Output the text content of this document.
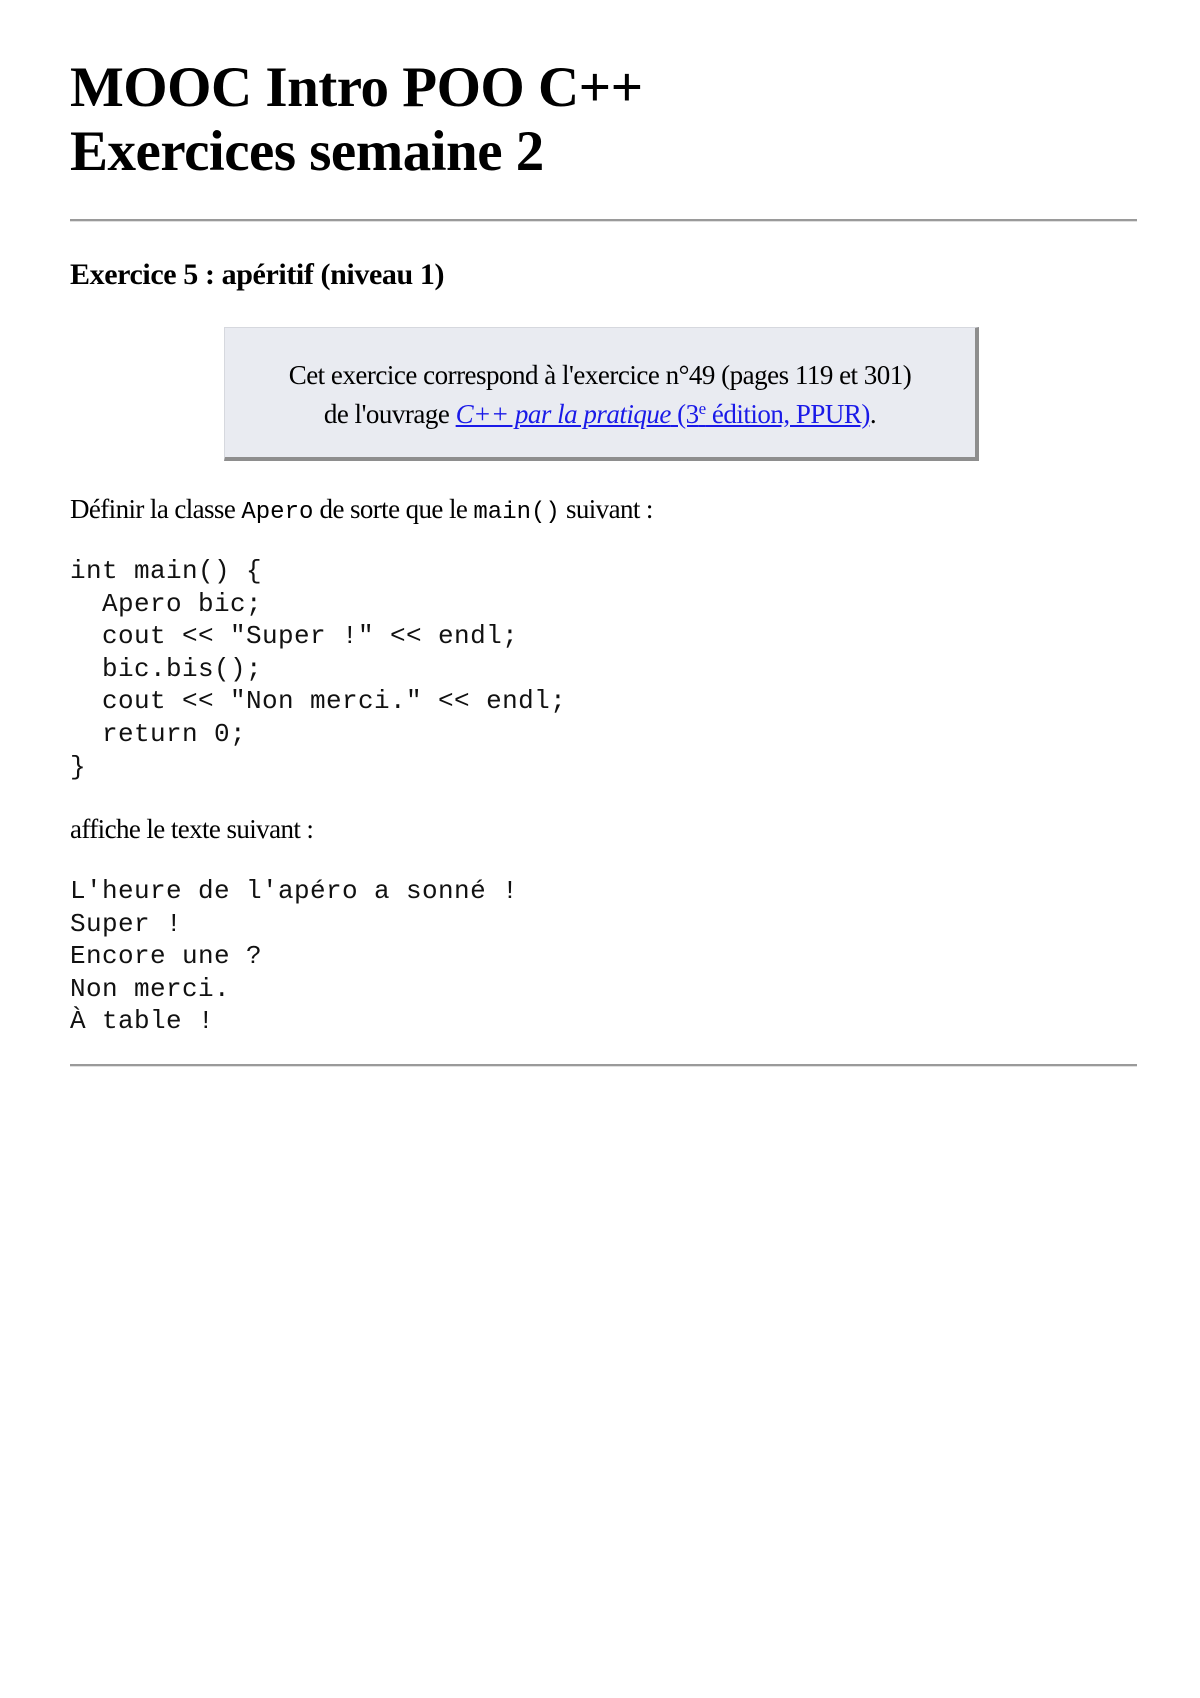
MOOC Intro POO C++
Exercices semaine 2
Exercice 5 : apéritif (niveau 1)
Cet exercice correspond à l'exercice n°49 (pages 119 et 301)
de l'ouvrage C++ par la pratique (3e édition, PPUR).

Définir la classe Apero de sorte que le main() suivant :

int main() {
Apero bic;
cout << "Super !" << endl;
bic.bis();
cout << "Non merci." << endl;
return 0;
}

affiche le texte suivant :

L'heure de l'apéro a sonné !
Super !
Encore une ?
Non merci.
À table !
